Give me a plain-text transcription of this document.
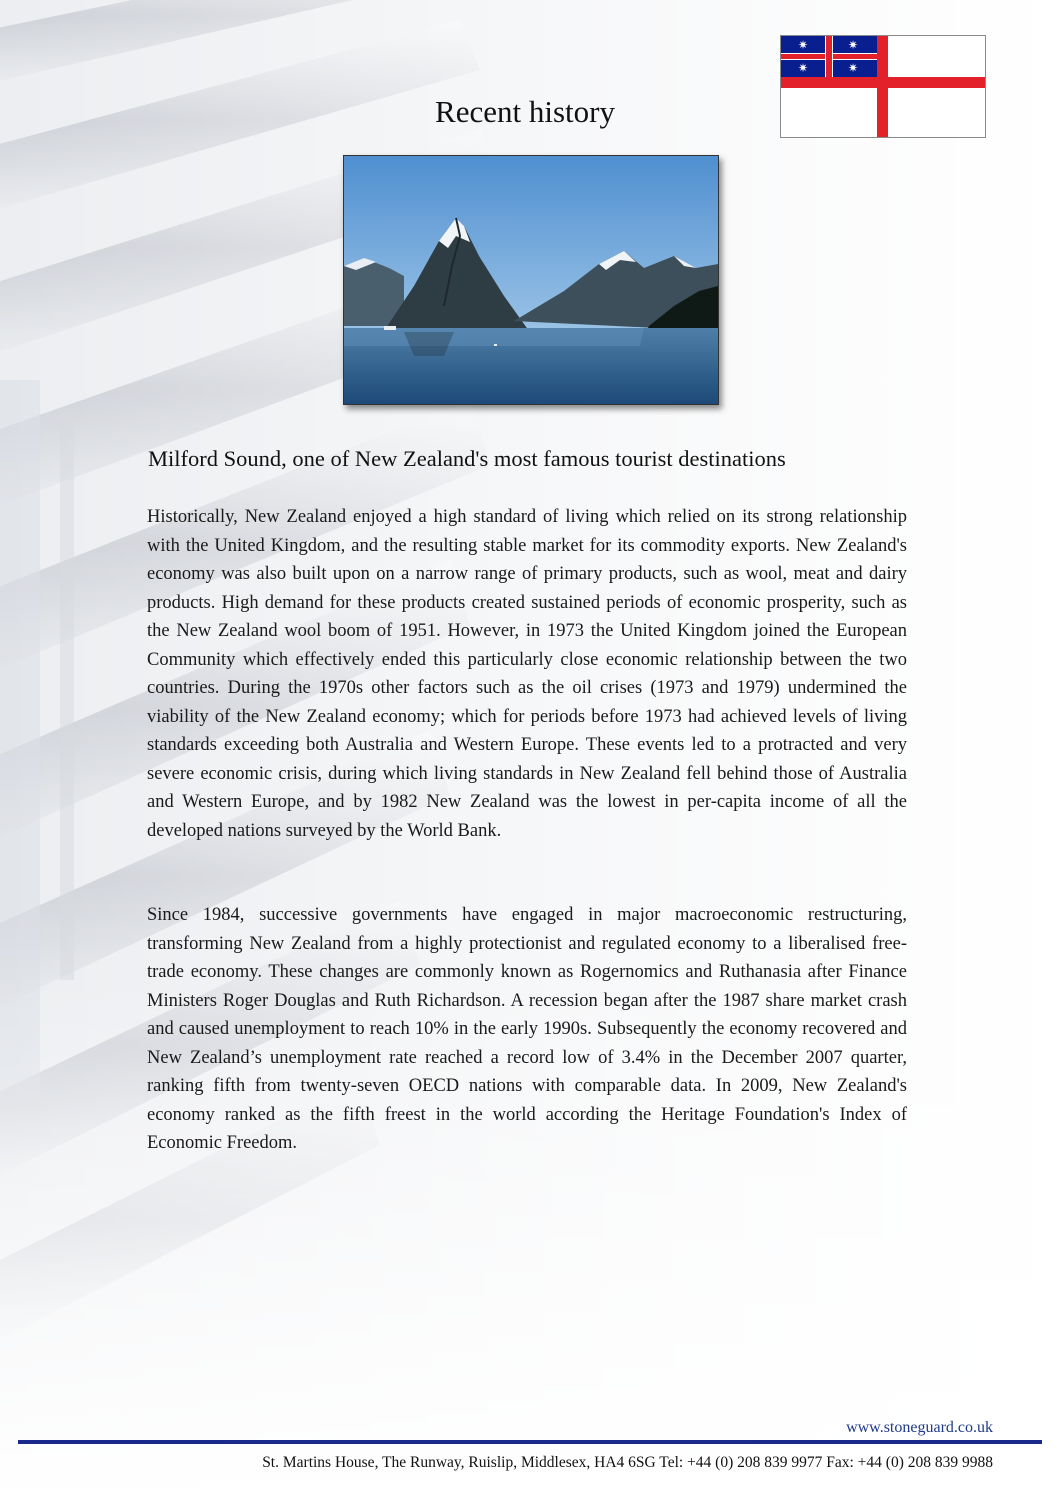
Recent history
✷	✷
✷	✷
Milford Sound, one of New Zealand's most famous tourist destinations

Historically, New Zealand enjoyed a high standard of living which relied on its strong relationship with the United Kingdom, and the resulting stable market for its commodity exports. New Zealand's economy was also built upon on a narrow range of primary products, such as wool, meat and dairy products. High demand for these products created sustained periods of economic prosperity, such as the New Zealand wool boom of 1951. However, in 1973 the United Kingdom joined the European Community which effectively ended this particularly close economic relationship between the two countries. During the 1970s other factors such as the oil crises (1973 and 1979) undermined the viability of the New Zealand economy; which for periods before 1973 had achieved levels of living standards exceeding both Australia and Western Europe. These events led to a protracted and very severe economic crisis, during which living standards in New Zealand fell behind those of Australia and Western Europe, and by 1982 New Zealand was the lowest in per-capita income of all the developed nations surveyed by the World Bank.

Since 1984, successive governments have engaged in major macroeconomic restructuring, transforming New Zealand from a highly protectionist and regulated economy to a liberalised free-trade economy. These changes are commonly known as Rogernomics and Ruthanasia after Finance Ministers Roger Douglas and Ruth Richardson. A recession began after the 1987 share market crash and caused unemployment to reach 10% in the early 1990s. Subsequently the economy recovered and New Zealand’s unemployment rate reached a record low of 3.4% in the December 2007 quarter, ranking fifth from twenty-seven OECD nations with comparable data. In 2009, New Zealand's economy ranked as the fifth freest in the world according the Heritage Foundation's Index of Economic Freedom.

www.stoneguard.co.uk
St. Martins House, The Runway, Ruislip, Middlesex, HA4 6SG Tel: +44 (0) 208 839 9977 Fax: +44 (0) 208 839 9988
